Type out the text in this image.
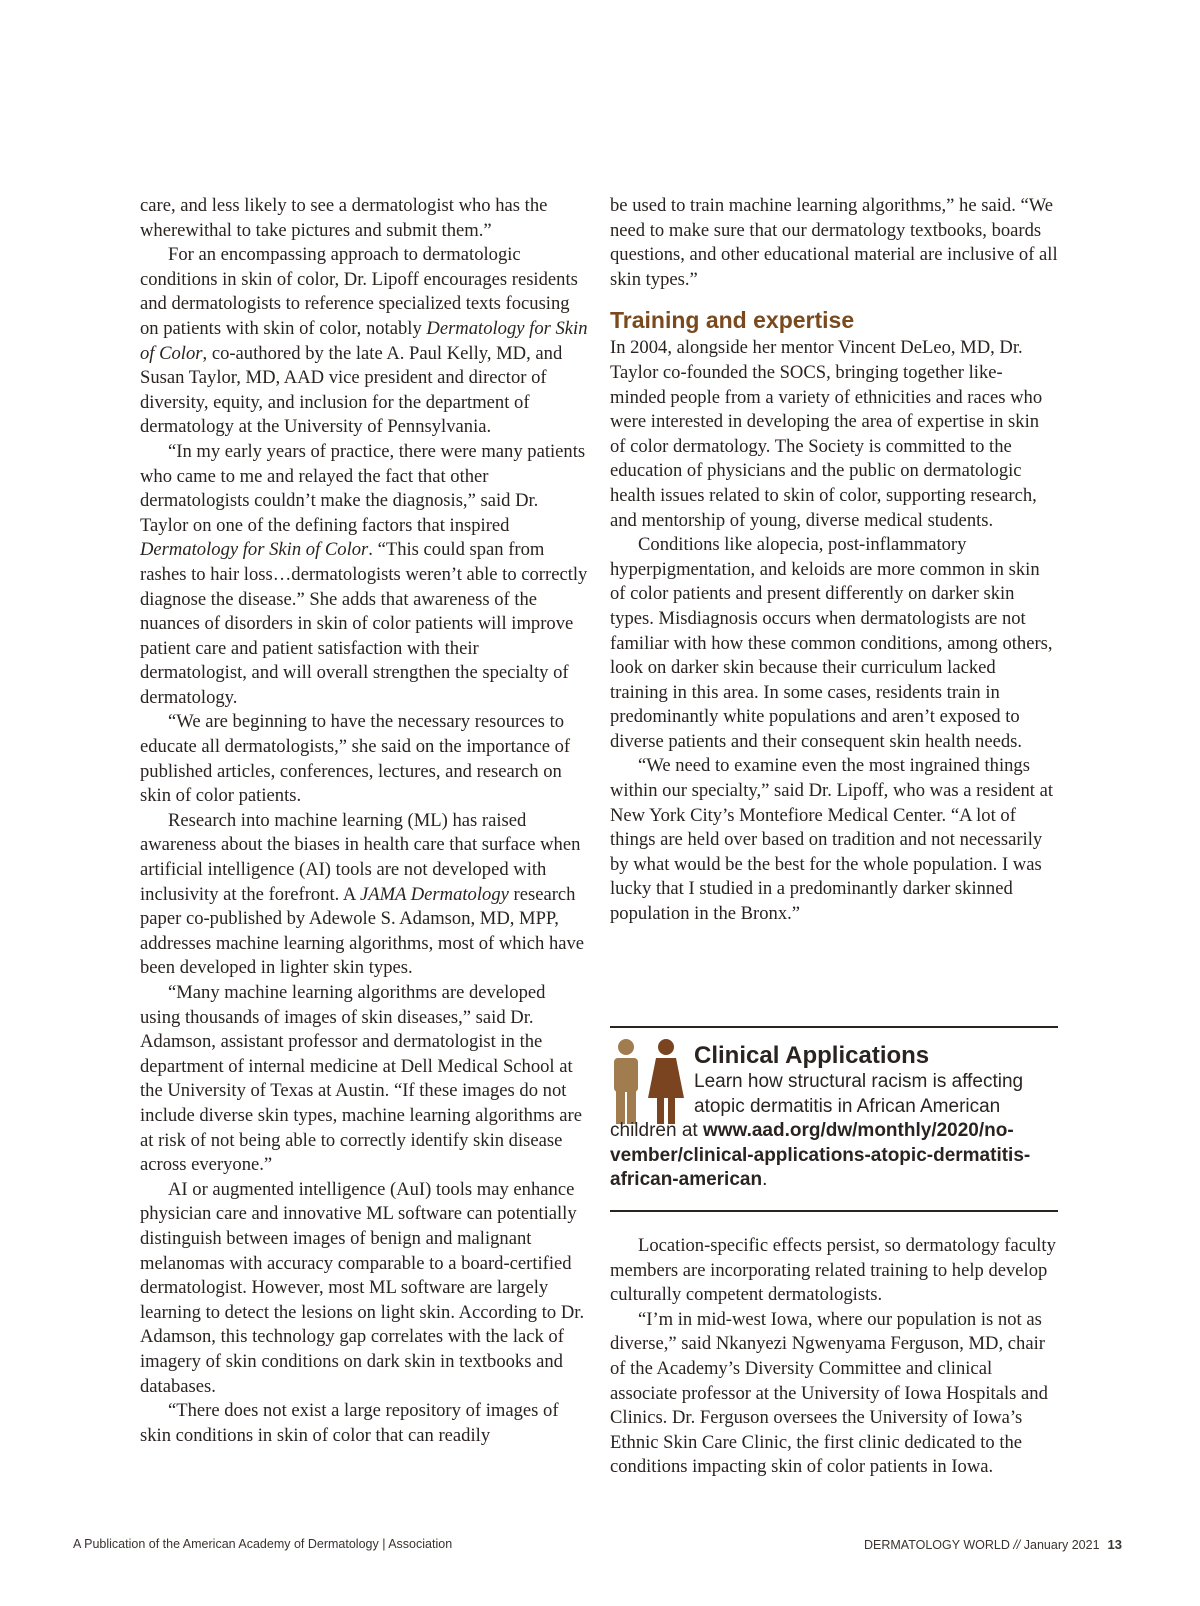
care, and less likely to see a dermatologist who has the wherewithal to take pictures and submit them.”

For an encompassing approach to dermatologic conditions in skin of color, Dr. Lipoff encourages residents and dermatologists to reference specialized texts focusing on patients with skin of color, notably Dermatology for Skin of Color, co-authored by the late A. Paul Kelly, MD, and Susan Taylor, MD, AAD vice president and director of diversity, equity, and inclusion for the department of dermatology at the University of Pennsylvania.

“In my early years of practice, there were many patients who came to me and relayed the fact that other dermatologists couldn’t make the diagnosis,” said Dr. Taylor on one of the defining factors that inspired Dermatology for Skin of Color. “This could span from rashes to hair loss…dermatologists weren’t able to correctly diagnose the disease.” She adds that awareness of the nuances of disorders in skin of color patients will improve patient care and patient satisfaction with their dermatologist, and will overall strengthen the specialty of dermatology.

“We are beginning to have the necessary resources to educate all dermatologists,” she said on the importance of published articles, conferences, lectures, and research on skin of color patients.

Research into machine learning (ML) has raised awareness about the biases in health care that surface when artificial intelligence (AI) tools are not developed with inclusivity at the forefront. A JAMA Dermatology research paper co-published by Adewole S. Adamson, MD, MPP, addresses machine learning algorithms, most of which have been developed in lighter skin types.

“Many machine learning algorithms are developed using thousands of images of skin diseases,” said Dr. Adamson, assistant professor and dermatologist in the department of internal medicine at Dell Medical School at the University of Texas at Austin. “If these images do not include diverse skin types, machine learning algorithms are at risk of not being able to correctly identify skin disease across everyone.”

AI or augmented intelligence (AuI) tools may enhance physician care and innovative ML software can potentially distinguish between images of benign and malignant melanomas with accuracy comparable to a board-certified dermatologist. However, most ML software are largely learning to detect the lesions on light skin. According to Dr. Adamson, this technology gap correlates with the lack of imagery of skin conditions on dark skin in textbooks and databases.

“There does not exist a large repository of images of skin conditions in skin of color that can readily

be used to train machine learning algorithms,” he said. “We need to make sure that our dermatology textbooks, boards questions, and other educational material are inclusive of all skin types.”

Training and expertise

In 2004, alongside her mentor Vincent DeLeo, MD, Dr. Taylor co-founded the SOCS, bringing together like-minded people from a variety of ethnicities and races who were interested in developing the area of expertise in skin of color dermatology. The Society is committed to the education of physicians and the public on dermatologic health issues related to skin of color, supporting research, and mentorship of young, diverse medical students.

Conditions like alopecia, post-inflammatory hyperpigmentation, and keloids are more common in skin of color patients and present differently on darker skin types. Misdiagnosis occurs when dermatologists are not familiar with how these common conditions, among others, look on darker skin because their curriculum lacked training in this area. In some cases, residents train in predominantly white populations and aren’t exposed to diverse patients and their consequent skin health needs.

“We need to examine even the most ingrained things within our specialty,” said Dr. Lipoff, who was a resident at New York City’s Montefiore Medical Center. “A lot of things are held over based on tradition and not necessarily by what would be the best for the whole population. I was lucky that I studied in a predominantly darker skinned population in the Bronx.”

Clinical Applications
Learn how structural racism is affecting atopic dermatitis in African American children at www.aad.org/dw/monthly/2020/no-vember/clinical-applications-atopic-dermatitis-african-american.

Location-specific effects persist, so dermatology faculty members are incorporating related training to help develop culturally competent dermatologists.

“I’m in mid-west Iowa, where our population is not as diverse,” said Nkanyezi Ngwenyama Ferguson, MD, chair of the Academy’s Diversity Committee and clinical associate professor at the University of Iowa Hospitals and Clinics. Dr. Ferguson oversees the University of Iowa’s Ethnic Skin Care Clinic, the first clinic dedicated to the conditions impacting skin of color patients in Iowa.

A Publication of the American Academy of Dermatology | Association	DERMATOLOGY WORLD // January 2021 13
